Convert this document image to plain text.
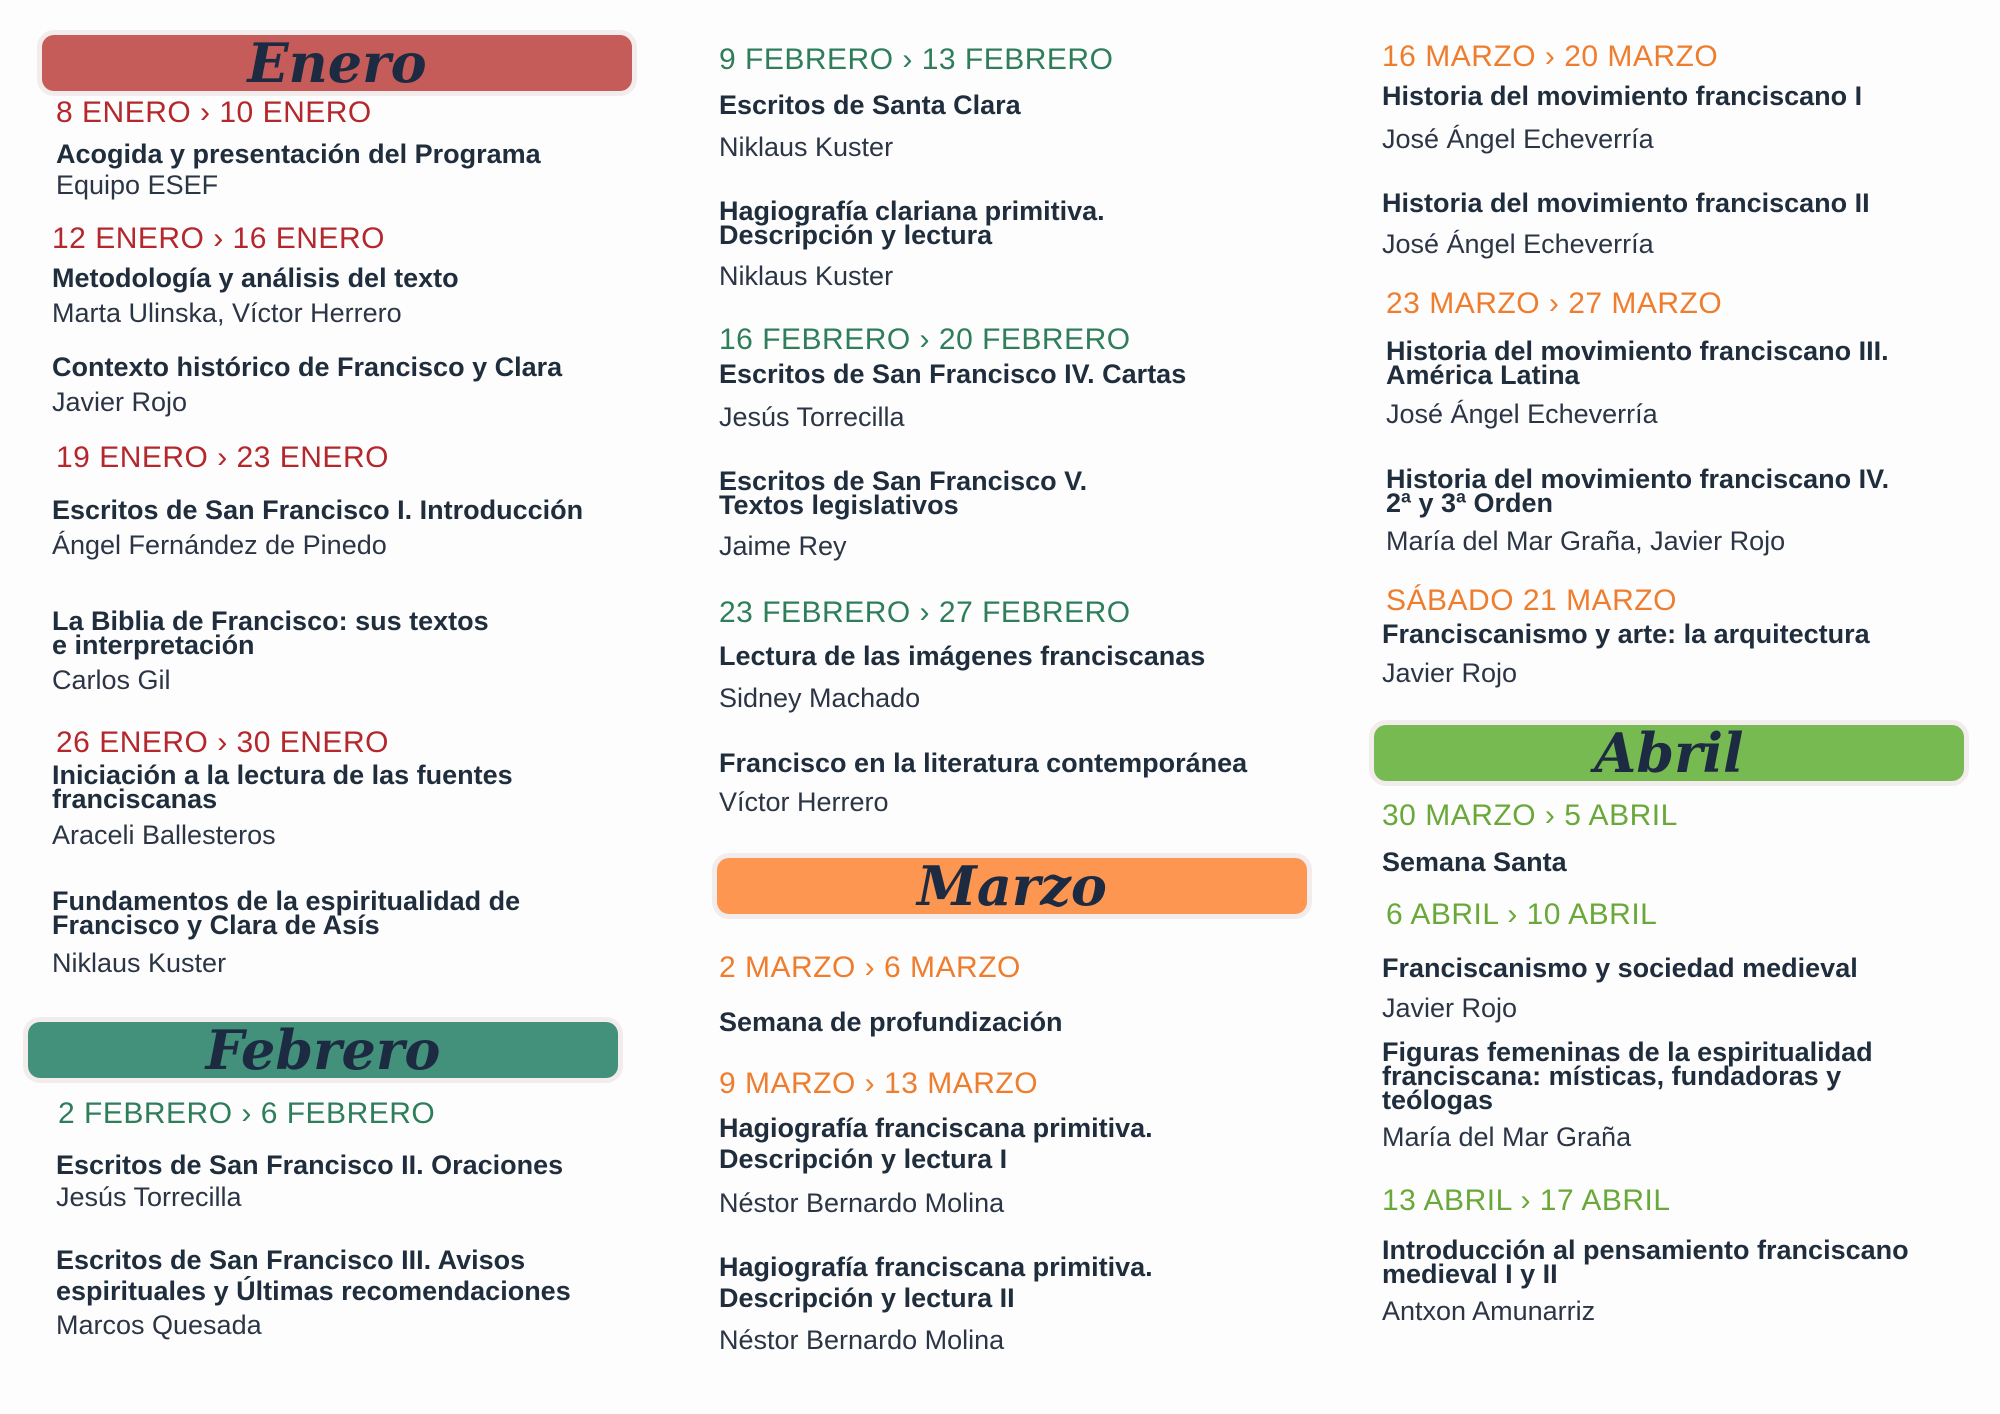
Enero
8 ENERO › 10 ENERO
Acogida y presentación del Programa
Equipo ESEF
12 ENERO › 16 ENERO
Metodología y análisis del texto
Marta Ulinska, Víctor Herrero
Contexto histórico de Francisco y Clara
Javier Rojo
19 ENERO › 23 ENERO
Escritos de San Francisco I. Introducción
Ángel Fernández de Pinedo
La Biblia de Francisco: sus textos
e interpretación
Carlos Gil
26 ENERO › 30 ENERO
Iniciación a la lectura de las fuentes
franciscanas
Araceli Ballesteros
Fundamentos de la espiritualidad de
Francisco y Clara de Asís
Niklaus Kuster
Febrero
2 FEBRERO › 6 FEBRERO
Escritos de San Francisco II. Oraciones
Jesús Torrecilla
Escritos de San Francisco III. Avisos
espirituales y Últimas recomendaciones
Marcos Quesada
9 FEBRERO › 13 FEBRERO
Escritos de Santa Clara
Niklaus Kuster
Hagiografía clariana primitiva.
Descripción y lectura
Niklaus Kuster
16 FEBRERO › 20 FEBRERO
Escritos de San Francisco IV. Cartas
Jesús Torrecilla
Escritos de San Francisco V.
Textos legislativos
Jaime Rey
23 FEBRERO › 27 FEBRERO
Lectura de las imágenes franciscanas
Sidney Machado
Francisco en la literatura contemporánea
Víctor Herrero
Marzo
2 MARZO › 6 MARZO
Semana de profundización
9 MARZO › 13 MARZO
Hagiografía franciscana primitiva.
Descripción y lectura I
Néstor Bernardo Molina
Hagiografía franciscana primitiva.
Descripción y lectura II
Néstor Bernardo Molina
16 MARZO › 20 MARZO
Historia del movimiento franciscano I
José Ángel Echeverría
Historia del movimiento franciscano II
José Ángel Echeverría
23 MARZO › 27 MARZO
Historia del movimiento franciscano III.
América Latina
José Ángel Echeverría
Historia del movimiento franciscano IV.
2ª y 3ª Orden
María del Mar Graña, Javier Rojo
SÁBADO 21 MARZO
Franciscanismo y arte: la arquitectura
Javier Rojo
Abril
30 MARZO › 5 ABRIL
Semana Santa
6 ABRIL › 10 ABRIL
Franciscanismo y sociedad medieval
Javier Rojo
Figuras femeninas de la espiritualidad
franciscana: místicas, fundadoras y
teólogas
María del Mar Graña
13 ABRIL › 17 ABRIL
Introducción al pensamiento franciscano
medieval I y II
Antxon Amunarriz
